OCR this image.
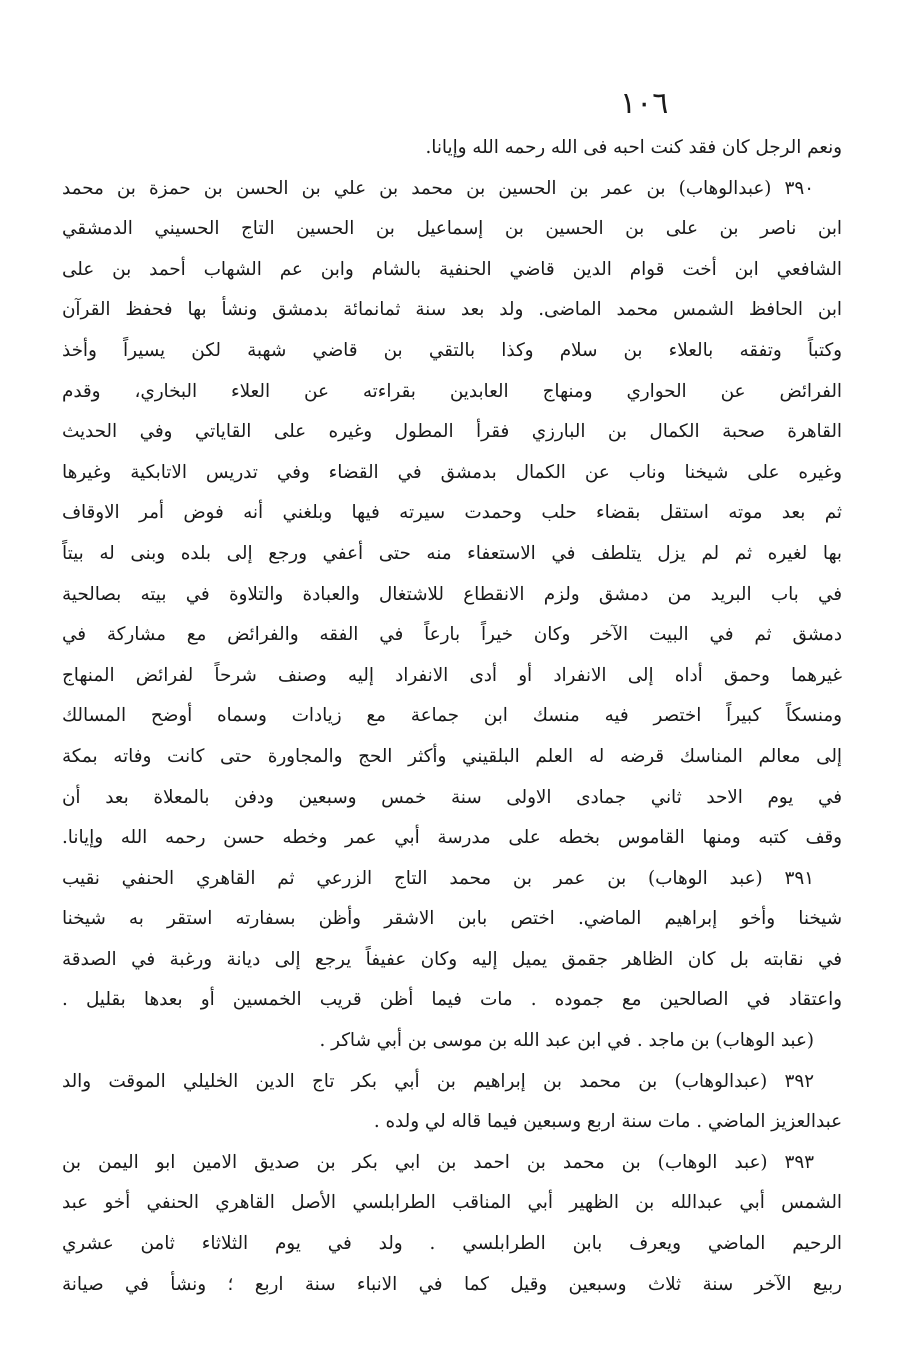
١٠٦
ونعم الرجل كان فقد كنت احبه فى الله رحمه الله وإيانا.
٣٩٠ (عبدالوهاب) بن عمر بن الحسين بن محمد بن علي بن الحسن بن حمزة بن محمد
ابن ناصر بن على بن الحسين بن إسماعيل بن الحسين التاج الحسيني الدمشقي
الشافعي ابن أخت قوام الدين قاضي الحنفية بالشام وابن عم الشهاب أحمد بن على
ابن الحافظ الشمس محمد الماضى. ولد بعد سنة ثمانمائة بدمشق ونشأ بها فحفظ القرآن
وكتباً وتفقه بالعلاء بن سلام وكذا بالتقي بن قاضي شهبة لكن يسيراً وأخذ
الفرائض عن الحواري ومنهاج العابدين بقراءته عن العلاء البخاري، وقدم
القاهرة صحبة الكمال بن البارزي فقرأ المطول وغيره على القاياتي وفي الحديث
وغيره على شيخنا وناب عن الكمال بدمشق في القضاء وفي تدريس الاتابكية وغيرها
ثم بعد موته استقل بقضاء حلب وحمدت سيرته فيها وبلغني أنه فوض أمر الاوقاف
بها لغيره ثم لم يزل يتلطف في الاستعفاء منه حتى أعفي ورجع إلى بلده وبنى له بيتاً
في باب البريد من دمشق ولزم الانقطاع للاشتغال والعبادة والتلاوة في بيته بصالحية
دمشق ثم في البيت الآخر وكان خيراً بارعاً في الفقه والفرائض مع مشاركة في
غيرهما وحمق أداه إلى الانفراد أو أدى الانفراد إليه وصنف شرحاً لفرائض المنهاج
ومنسكاً كبيراً اختصر فيه منسك ابن جماعة مع زيادات وسماه أوضح المسالك
إلى معالم المناسك قرضه له العلم البلقيني وأكثر الحج والمجاورة حتى كانت وفاته بمكة
في يوم الاحد ثاني جمادى الاولى سنة خمس وسبعين ودفن بالمعلاة بعد أن
وقف كتبه ومنها القاموس بخطه على مدرسة أبي عمر وخطه حسن رحمه الله وإيانا.
٣٩١ (عبد الوهاب) بن عمر بن محمد التاج الزرعي ثم القاهري الحنفي نقيب
شيخنا وأخو إبراهيم الماضي. اختص بابن الاشقر وأظن بسفارته استقر به شيخنا
في نقابته بل كان الظاهر جقمق يميل إليه وكان عفيفاً يرجع إلى ديانة ورغبة في الصدقة
واعتقاد في الصالحين مع جموده . مات فيما أظن قريب الخمسين أو بعدها بقليل .
(عبد الوهاب) بن ماجد . في ابن عبد الله بن موسى بن أبي شاكر .
٣٩٢ (عبدالوهاب) بن محمد بن إبراهيم بن أبي بكر تاج الدين الخليلي الموقت والد
عبدالعزيز الماضي . مات سنة اربع وسبعين فيما قاله لي ولده .
٣٩٣ (عبد الوهاب) بن محمد بن احمد بن ابي بكر بن صديق الامين ابو اليمن بن
الشمس أبي عبدالله بن الظهير أبي المناقب الطرابلسي الأصل القاهري الحنفي أخو عبد
الرحيم الماضي ويعرف بابن الطرابلسي . ولد في يوم الثلاثاء ثامن عشري
ربيع الآخر سنة ثلاث وسبعين وقيل كما في الانباء سنة اربع ؛ ونشأ في صيانة
